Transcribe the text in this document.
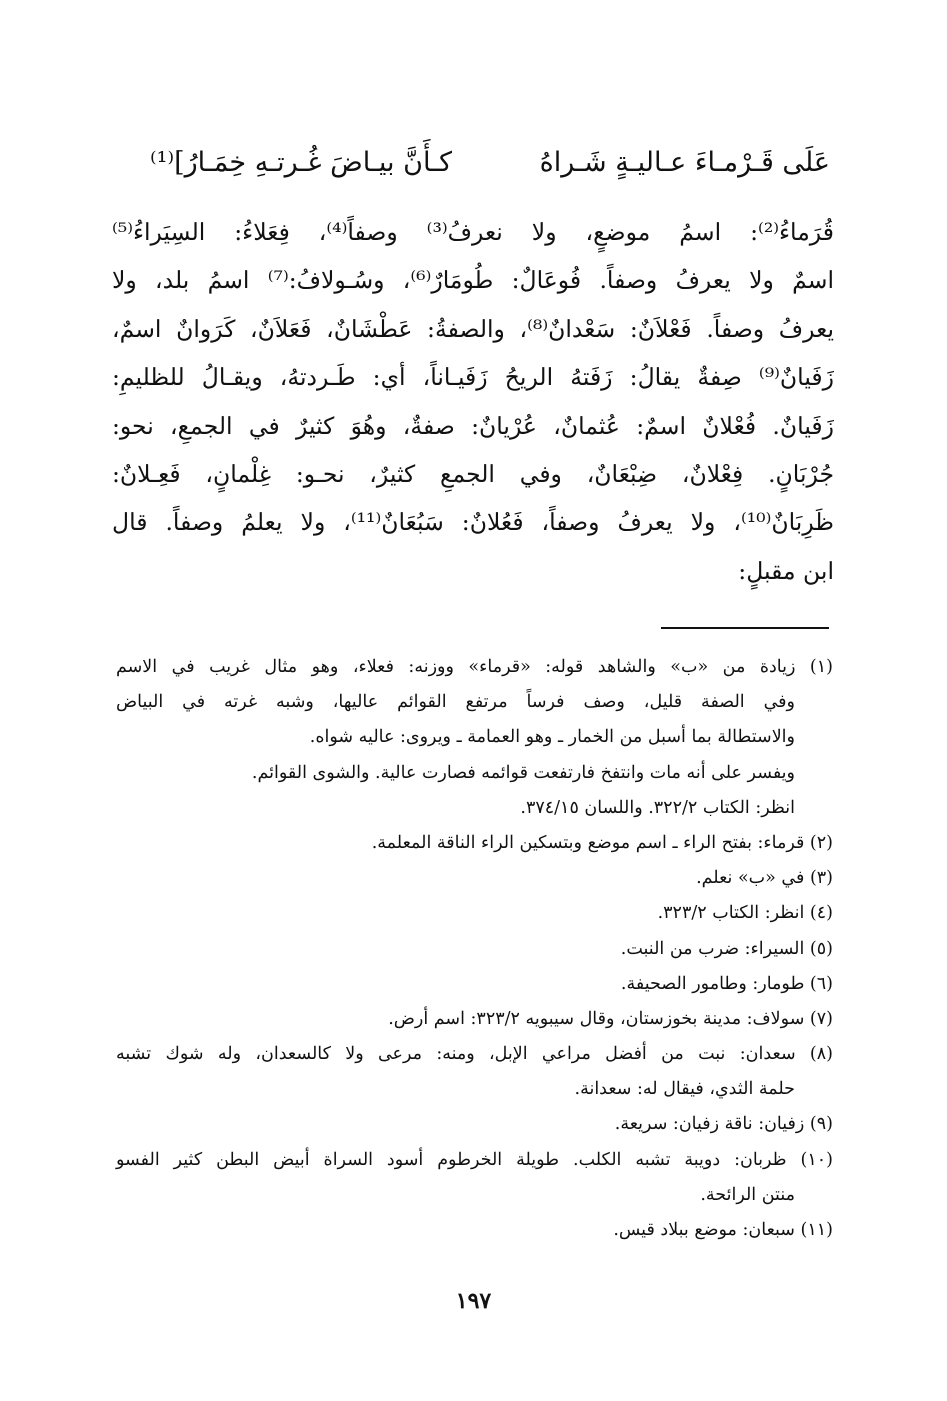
عَلَى قَـرْمـاءَ عـاليـةٍ شَـراهُ
كـأَنَّ بيـاضَ غُـرتـهِ خِمَـارُ]⁽¹⁾
قُرَماءُ⁽²⁾: اسمُ موضعٍ، ولا نعرفُ⁽³⁾ وصفاً⁽⁴⁾، فِعَلاءُ: السِيَراءُ⁽⁵⁾
اسمٌ ولا يعرفُ وصفاً. فُوعَالٌ: طُومَارٌ⁽⁶⁾، وسُـولافُ:⁽⁷⁾ اسمُ بلد، ولا
يعرفُ وصفاً. فَعْلاَنٌ: سَعْدانٌ⁽⁸⁾، والصفةُ: عَطْشَانٌ، فَعَلاَنٌ، كَرَوانٌ اسمٌ،
زَفَيانٌ⁽⁹⁾ صِفةٌ يقالُ: زَفَتهُ الريحُ زَفَيـاناً، أي: طَـردتهُ، ويقـالُ للظليمِ:
زَفَيانٌ. فُعْلانٌ اسمٌ: عُثمانٌ، عُرْيانٌ: صفةٌ، وهُوَ كثيرٌ في الجمعِ، نحو:
جُرْبَانٍ. فِعْلانٌ، ضِبْعَانٌ، وفي الجمعِ كثيرٌ، نحـو: غِلْمانٍ، فَعِـلانٌ:
ظَرِبَانٌ⁽¹⁰⁾، ولا يعرفُ وصفاً، فَعُلانٌ: سَبُعَانٌ⁽¹¹⁾، ولا يعلمُ وصفاً. قال
ابن مقبلٍ:
(١) زيادة من «ب» والشاهد قوله: «قرماء» ووزنه: فعلاء، وهو مثال غريب في الاسم
وفي الصفة قليل، وصف فرساً مرتفع القوائم عاليها، وشبه غرته في البياض
والاستطالة بما أسبل من الخمار ـ وهو العمامة ـ ويروى: عاليه شواه.
ويفسر على أنه مات وانتفخ فارتفعت قوائمه فصارت عالية. والشوى القوائم.
انظر: الكتاب ٣٢٢/٢. واللسان ٣٧٤/١٥.
(٢) قرماء: بفتح الراء ـ اسم موضع وبتسكين الراء الناقة المعلمة.
(٣) في «ب» نعلم.
(٤) انظر: الكتاب ٣٢٣/٢.
(٥) السيراء: ضرب من النبت.
(٦) طومار: وطامور الصحيفة.
(٧) سولاف: مدينة بخوزستان، وقال سيبويه ٣٢٣/٢: اسم أرض.
(٨) سعدان: نبت من أفضل مراعي الإبل، ومنه: مرعى ولا كالسعدان، وله شوك تشبه
حلمة الثدي، فيقال له: سعدانة.
(٩) زفيان: ناقة زفيان: سريعة.
(١٠) ظربان: دويبة تشبه الكلب. طويلة الخرطوم أسود السراة أبيض البطن كثير الفسو
منتن الرائحة.
(١١) سبعان: موضع ببلاد قيس.
١٩٧
